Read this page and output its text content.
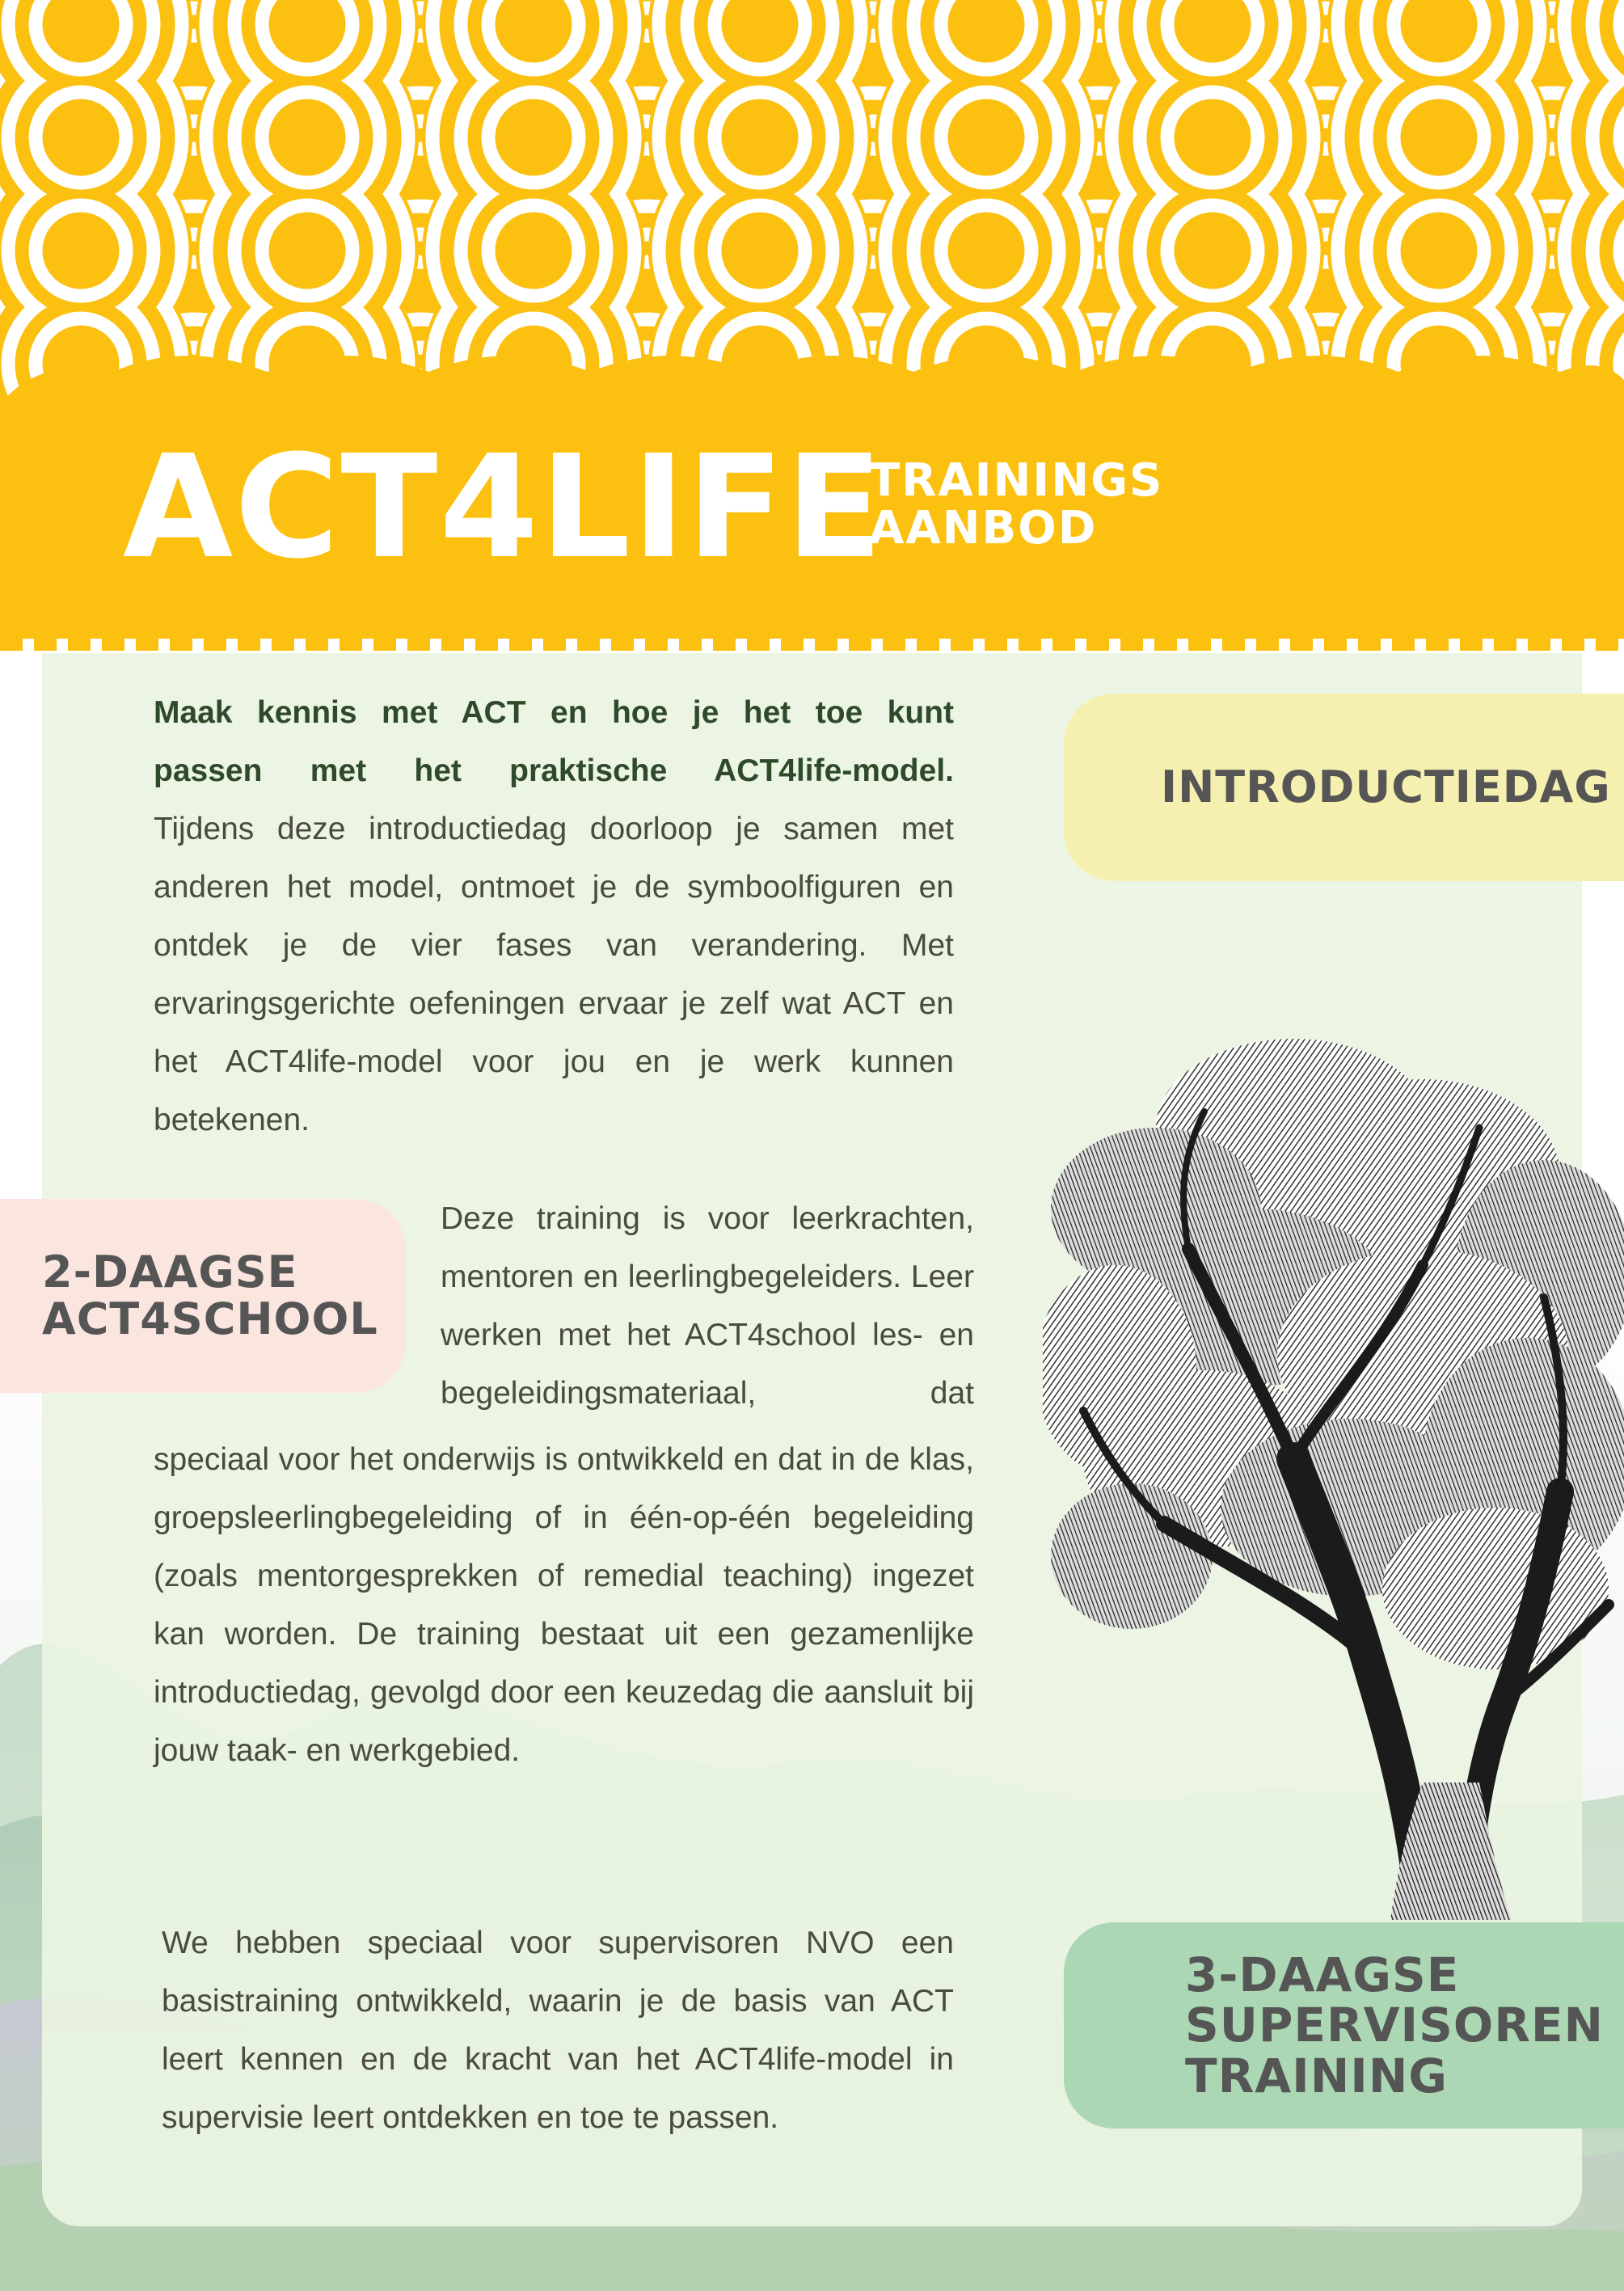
ACT4LIFE
TRAININGS
AANBOD
INTRODUCTIEDAG
Maak kennis met ACT en hoe je het toe kunt
passen met het praktische ACT4life-model.
Tijdens deze introductiedag doorloop je samen met anderen het model, ontmoet je de symboolfiguren en ontdek je de vier fases van verandering. Met ervaringsgerichte oefeningen ervaar je zelf wat ACT en het ACT4life-model voor jou en je werk kunnen betekenen.
2-DAAGSE
ACT4SCHOOL
Deze training is voor leerkrachten, mentoren en leerlingbegeleiders. Leer werken met het ACT4school les- en begeleidingsmateriaal, dat
speciaal voor het onderwijs is ontwikkeld en dat in de klas, groepsleerlingbegeleiding of in één-op-één begeleiding (zoals mentorgesprekken of remedial teaching) ingezet kan worden. De training bestaat uit een gezamenlijke introductiedag, gevolgd door een keuzedag die aansluit bij jouw taak- en werkgebied.
3-DAAGSE
SUPERVISOREN
TRAINING
We hebben speciaal voor supervisoren NVO een basistraining ontwikkeld, waarin je de basis van ACT leert kennen en de kracht van het ACT4life-model in supervisie leert ontdekken en toe te passen.
